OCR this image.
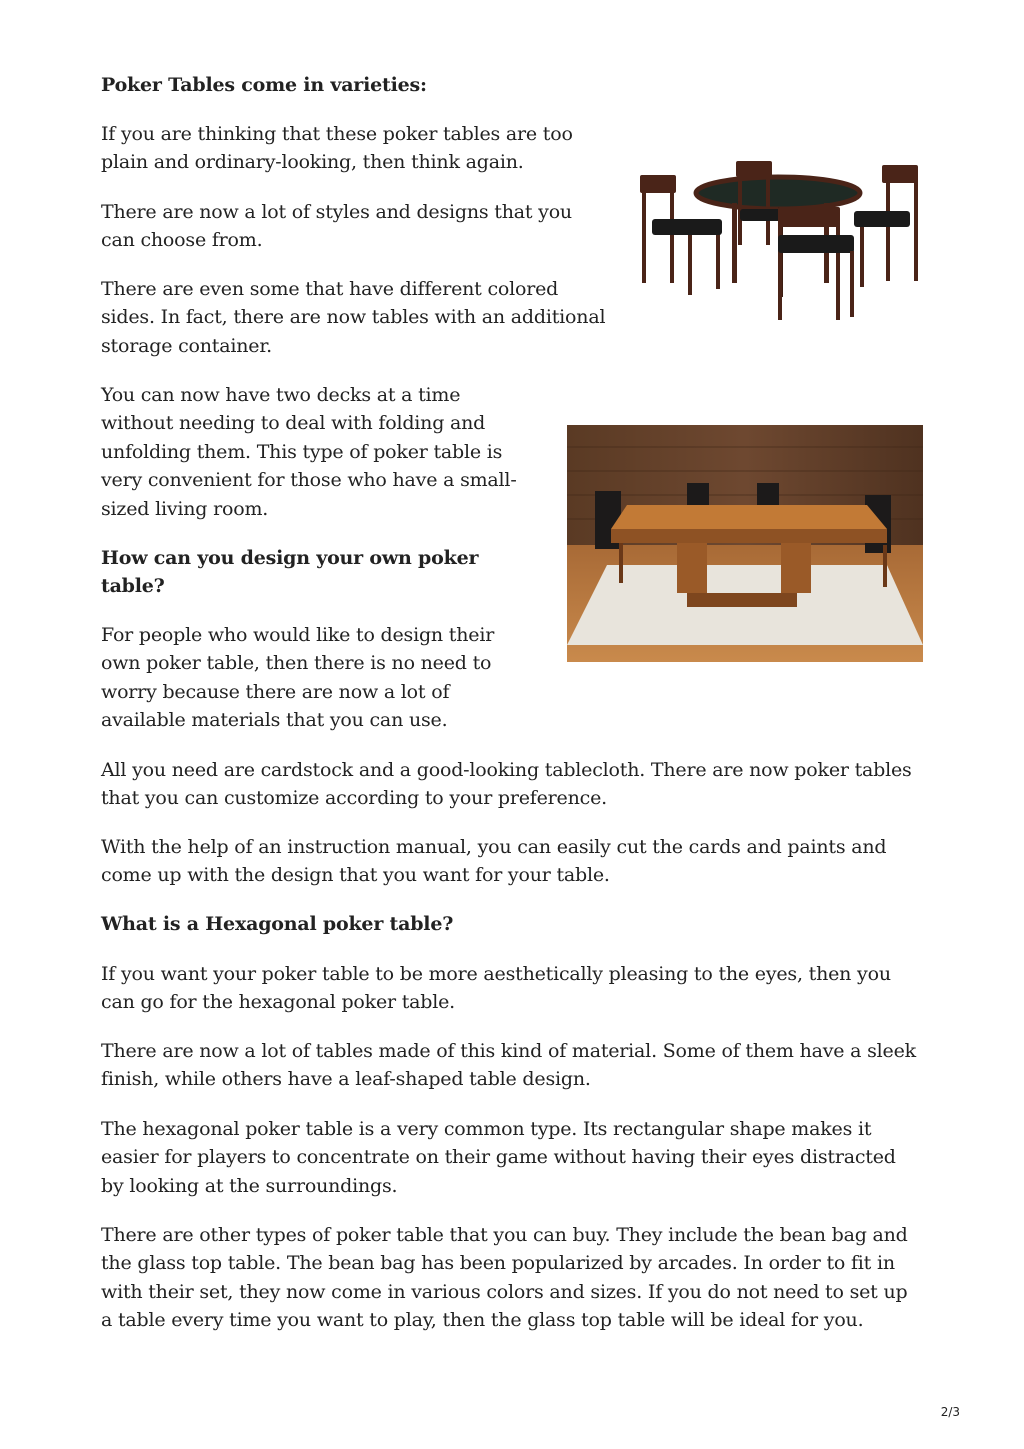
Poker Tables come in varieties:

If you are thinking that these poker tables are too plain and ordinary-looking, then think again.

There are now a lot of styles and designs that you can choose from.

There are even some that have different colored sides. In fact, there are now tables with an additional storage container.

You can now have two decks at a time without needing to deal with folding and unfolding them. This type of poker table is very convenient for those who have a small-sized living room.

How can you design your own poker table?

For people who would like to design their own poker table, then there is no need to worry because there are now a lot of available materials that you can use.

All you need are cardstock and a good-looking tablecloth. There are now poker tables that you can customize according to your preference.

With the help of an instruction manual, you can easily cut the cards and paints and come up with the design that you want for your table.

What is a Hexagonal poker table?

If you want your poker table to be more aesthetically pleasing to the eyes, then you can go for the hexagonal poker table.

There are now a lot of tables made of this kind of material. Some of them have a sleek finish, while others have a leaf-shaped table design.

The hexagonal poker table is a very common type. Its rectangular shape makes it easier for players to concentrate on their game without having their eyes distracted by looking at the surroundings.

There are other types of poker table that you can buy. They include the bean bag and the glass top table. The bean bag has been popularized by arcades. In order to fit in with their set, they now come in various colors and sizes. If you do not need to set up a table every time you want to play, then the glass top table will be ideal for you.

2/3
